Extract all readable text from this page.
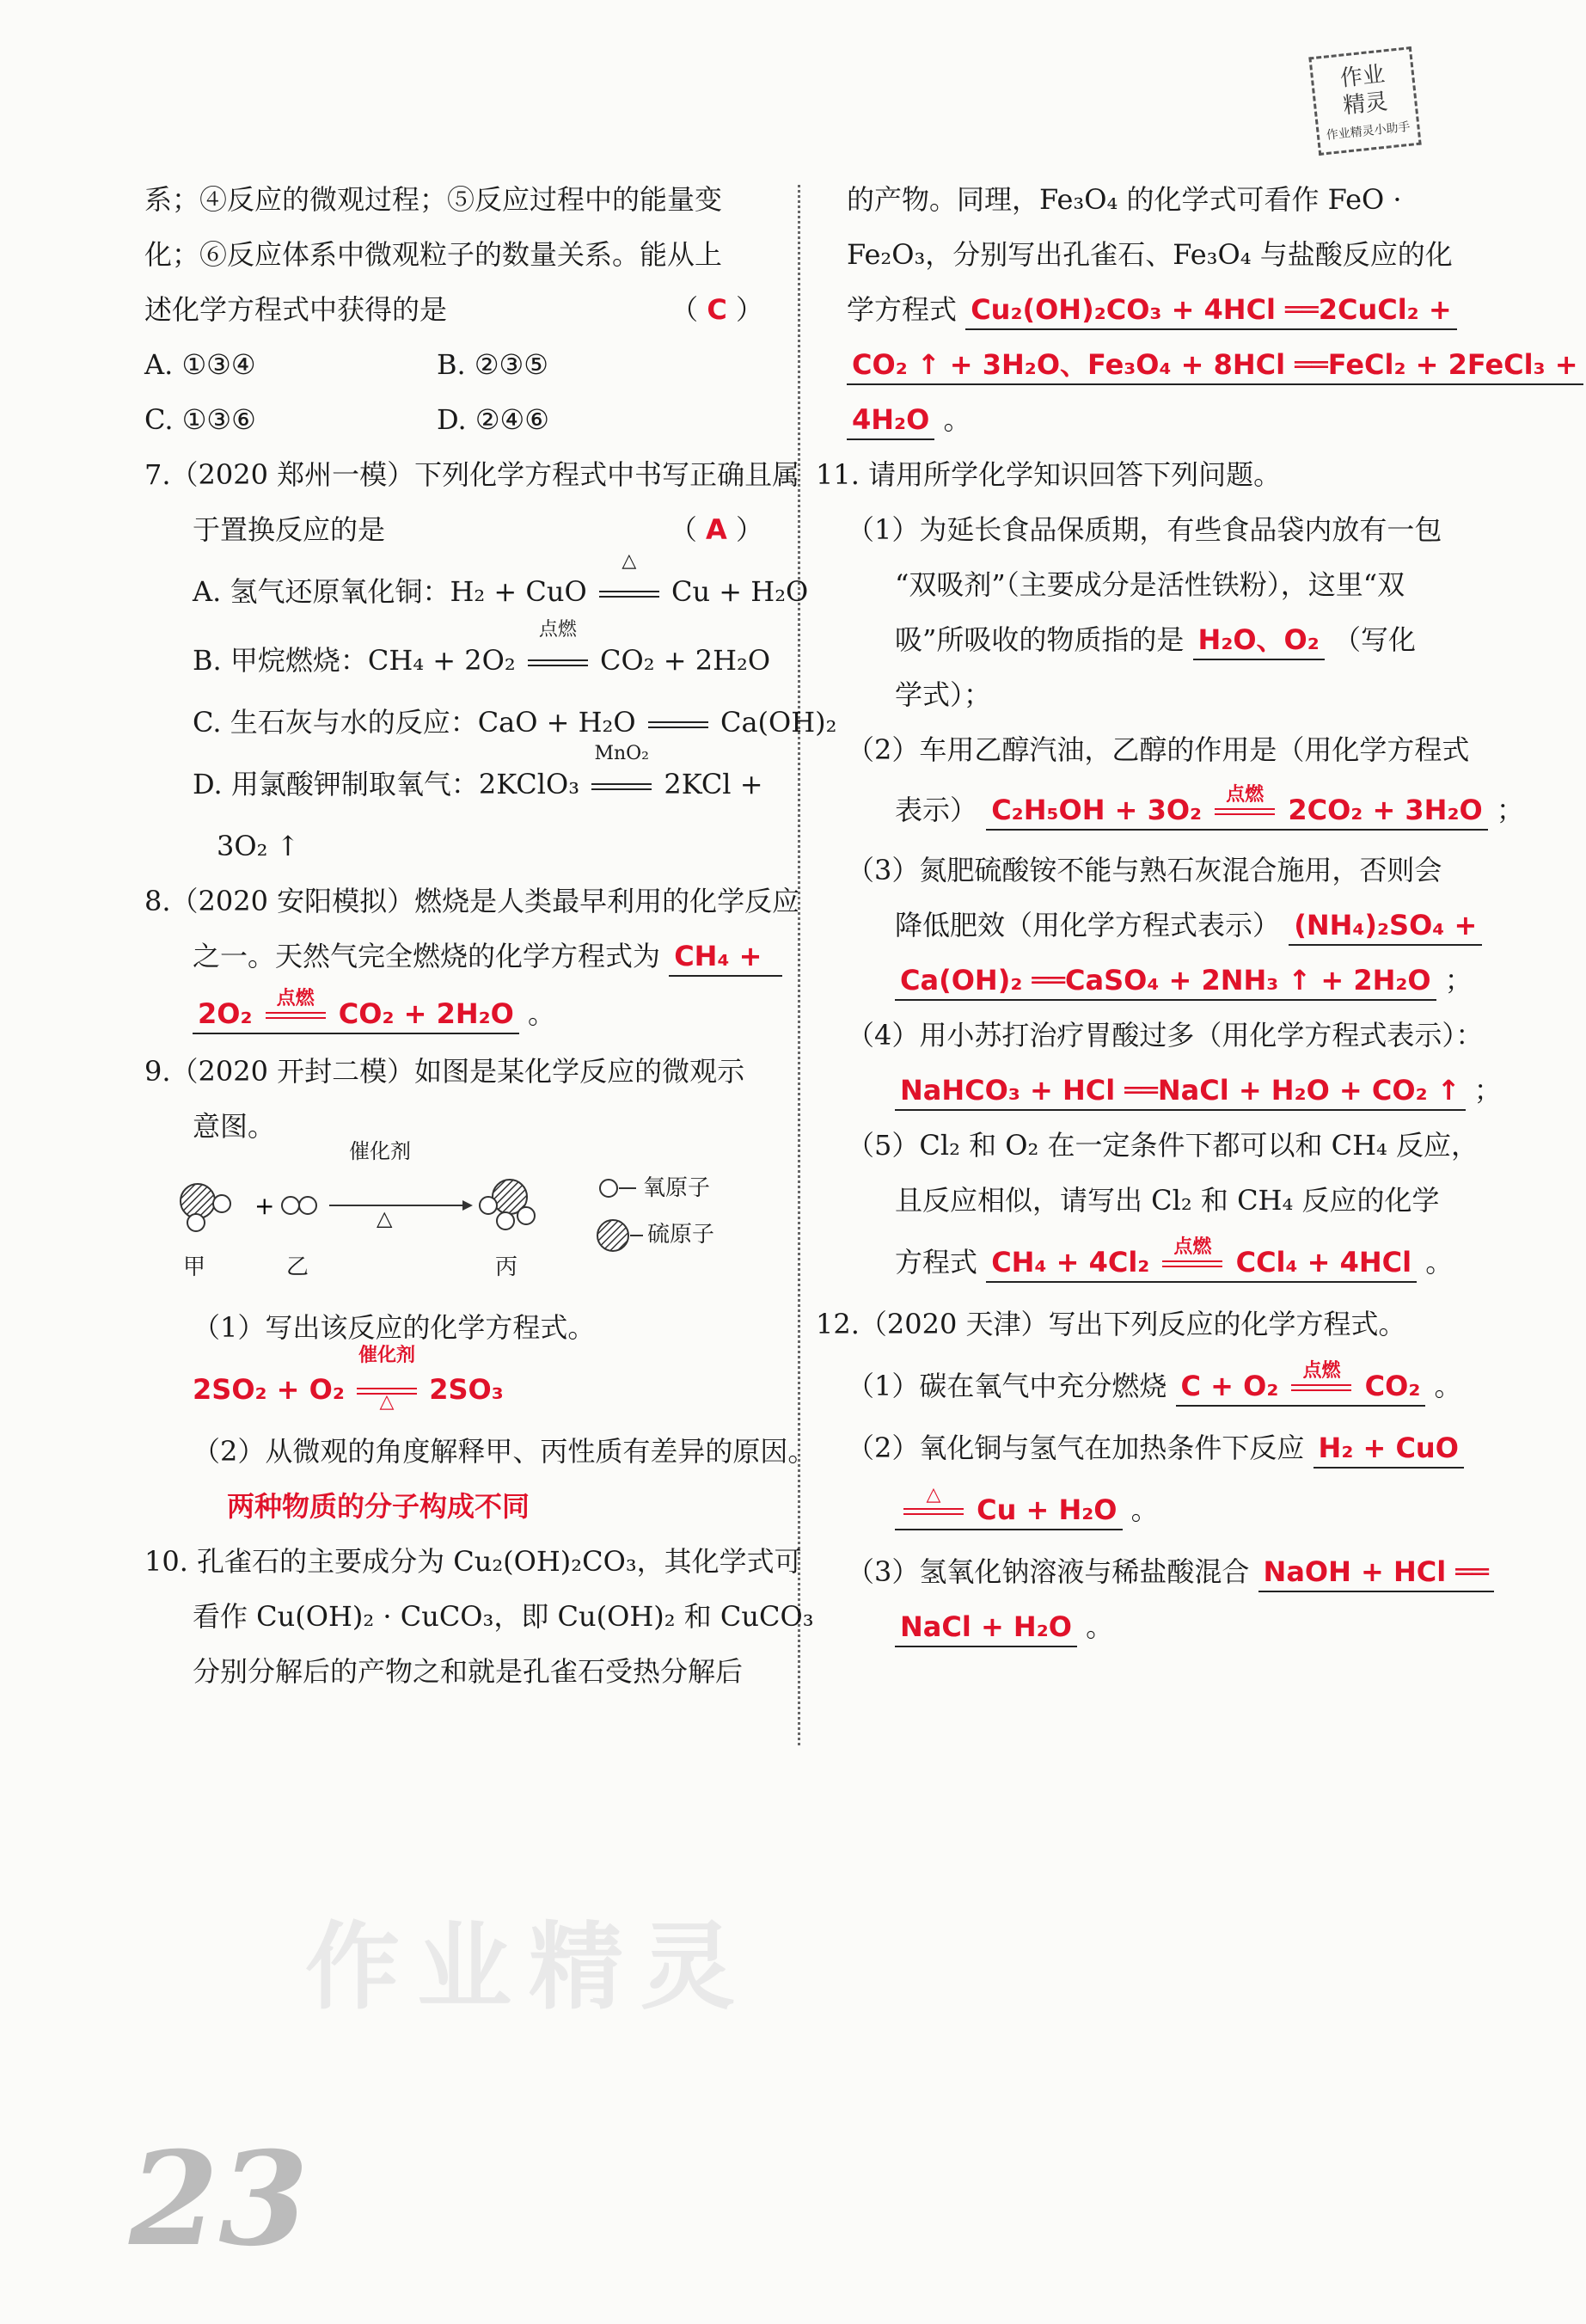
作业
精灵
作业精灵小助手
系；④反应的微观过程；⑤反应过程中的能量变
化；⑥反应体系中微观粒子的数量关系。能从上
述化学方程式中获得的是	（ C ）
A. ①③④	B. ②③⑤
C. ①③⑥	D. ②④⑥
7.（2020 郑州一模）下列化学方程式中书写正确且属
于置换反应的是	（ A ）
A. 氢气还原氧化铜：H₂ + CuO
△
Cu + H₂O
B. 甲烷燃烧：CH₄ + 2O₂
点燃
CO₂ + 2H₂O
C. 生石灰与水的反应：CaO + H₂O	Ca(OH)₂
D. 用氯酸钾制取氧气：2KClO₃
MnO₂
2KCl +
3O₂ ↑
8.（2020 安阳模拟）燃烧是人类最早利用的化学反应
之一。天然气完全燃烧的化学方程式为 CH₄ +
2O₂	点燃 CO₂ + 2H₂O 。
9.（2020 开封二模）如图是某化学反应的微观示
意图。
+
催化剂
△
甲	乙	丙
氧原子
硫原子
（1）写出该反应的化学方程式。
2SO₂ + O₂
催化剂
△	2SO₃
（2）从微观的角度解释甲、丙性质有差异的原因。
两种物质的分子构成不同
10. 孔雀石的主要成分为 Cu₂(OH)₂CO₃，其化学式可
看作 Cu(OH)₂ · CuCO₃，即 Cu(OH)₂ 和 CuCO₃
分别分解后的产物之和就是孔雀石受热分解后
的产物。同理，Fe₃O₄ 的化学式可看作 FeO ·
Fe₂O₃，分别写出孔雀石、Fe₃O₄ 与盐酸反应的化
学方程式 Cu₂(OH)₂CO₃ + 4HCl ══2CuCl₂ +
CO₂ ↑ + 3H₂O、Fe₃O₄ + 8HCl ══FeCl₂ + 2FeCl₃ +
4H₂O 。
11. 请用所学化学知识回答下列问题。
（1）为延长食品保质期，有些食品袋内放有一包
“双吸剂”（主要成分是活性铁粉），这里“双
吸”所吸收的物质指的是 H₂O、O₂ （写化
学式）；
（2）车用乙醇汽油，乙醇的作用是（用化学方程式
表示） C₂H₅OH + 3O₂	点燃 2CO₂ + 3H₂O ；
（3）氮肥硫酸铵不能与熟石灰混合施用，否则会
降低肥效（用化学方程式表示） (NH₄)₂SO₄ +
Ca(OH)₂ ══CaSO₄ + 2NH₃ ↑ + 2H₂O ；
（4）用小苏打治疗胃酸过多（用化学方程式表示）：
NaHCO₃ + HCl ══NaCl + H₂O + CO₂ ↑ ；
（5）Cl₂ 和 O₂ 在一定条件下都可以和 CH₄ 反应，
且反应相似，请写出 Cl₂ 和 CH₄ 反应的化学
方程式 CH₄ + 4Cl₂	点燃 CCl₄ + 4HCl 。
12.（2020 天津）写出下列反应的化学方程式。
（1）碳在氧气中充分燃烧 C + O₂	点燃 CO₂ 。
（2）氧化铜与氢气在加热条件下反应 H₂ + CuO
△	Cu + H₂O 。
（3）氢氧化钠溶液与稀盐酸混合 NaOH + HCl ══
NaCl + H₂O 。
作业精灵
23
